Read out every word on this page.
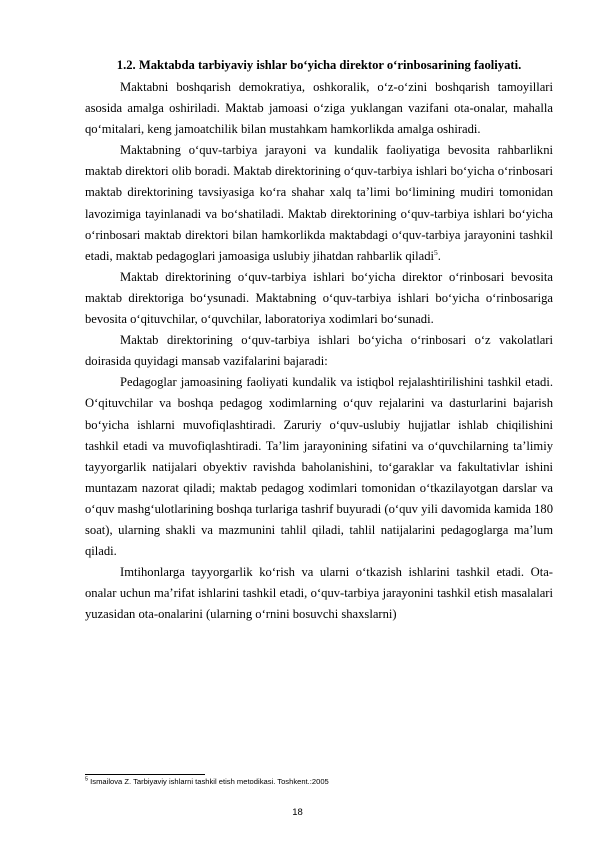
1.2. Maktabda tarbiyaviy ishlar bo‘yicha direktor o‘rinbosarining faoliyati.

Maktabni boshqarish demokratiya, oshkoralik, o‘z-o‘zini boshqarish tamoyillari asosida amalga oshiriladi. Maktab jamoasi o‘ziga yuklangan vazifani ota-onalar, mahalla qo‘mitalari, keng jamoatchilik bilan mustahkam hamkorlikda amalga oshiradi.

Maktabning o‘quv-tarbiya jarayoni va kundalik faoliyatiga bevosita rahbarlikni maktab direktori olib boradi. Maktab direktorining o‘quv-tarbiya ishlari bo‘yicha o‘rinbosari maktab direktorining tavsiyasiga ko‘ra shahar xalq ta’limi bo‘limining mudiri tomonidan lavozimiga tayinlanadi va bo‘shatiladi. Maktab direktorining o‘quv-tarbiya ishlari bo‘yicha o‘rinbosari maktab direktori bilan hamkorlikda maktabdagi o‘quv-tarbiya jarayonini tashkil etadi, maktab pedagoglari jamoasiga uslubiy jihatdan rahbarlik qiladi$^5$.

Maktab direktorining o‘quv-tarbiya ishlari bo‘yicha direktor o‘rinbosari bevosita maktab direktoriga bo‘ysunadi. Maktabning o‘quv-tarbiya ishlari bo‘yicha o‘rinbosariga bevosita o‘qituvchilar, o‘quvchilar, laboratoriya xodimlari bo‘sunadi.

Maktab direktorining o‘quv-tarbiya ishlari bo‘yicha o‘rinbosari o‘z vakolatlari doirasida quyidagi mansab vazifalarini bajaradi:

Pedagoglar jamoasining faoliyati kundalik va istiqbol rejalashtirilishini tashkil etadi. O‘qituvchilar va boshqa pedagog xodimlarning o‘quv rejalarini va dasturlarini bajarish bo‘yicha ishlarni muvofiqlashtiradi. Zaruriy o‘quv-uslubiy hujjatlar ishlab chiqilishini tashkil etadi va muvofiqlashtiradi. Ta’lim jarayonining sifatini va o‘quvchilarning ta’limiy tayyorgarlik natijalari obyektiv ravishda baholanishini, to‘garaklar va fakultativlar ishini muntazam nazorat qiladi; maktab pedagog xodimlari tomonidan o‘tkazilayotgan darslar va o‘quv mashg‘ulotlarining boshqa turlariga tashrif buyuradi (o‘quv yili davomida kamida 180 soat), ularning shakli va mazmunini tahlil qiladi, tahlil natijalarini pedagoglarga ma’lum qiladi.

Imtihonlarga tayyorgarlik ko‘rish va ularni o‘tkazish ishlarini tashkil etadi. Ota-onalar uchun ma’rifat ishlarini tashkil etadi, o‘quv-tarbiya jarayonini tashkil etish masalalari yuzasidan ota-onalarini (ularning o‘rnini bosuvchi shaxslarni)

$^5$ Ismailova Z. Tarbiyaviy ishlarni tashkil etish metodikasi. Toshkent.:2005
18
